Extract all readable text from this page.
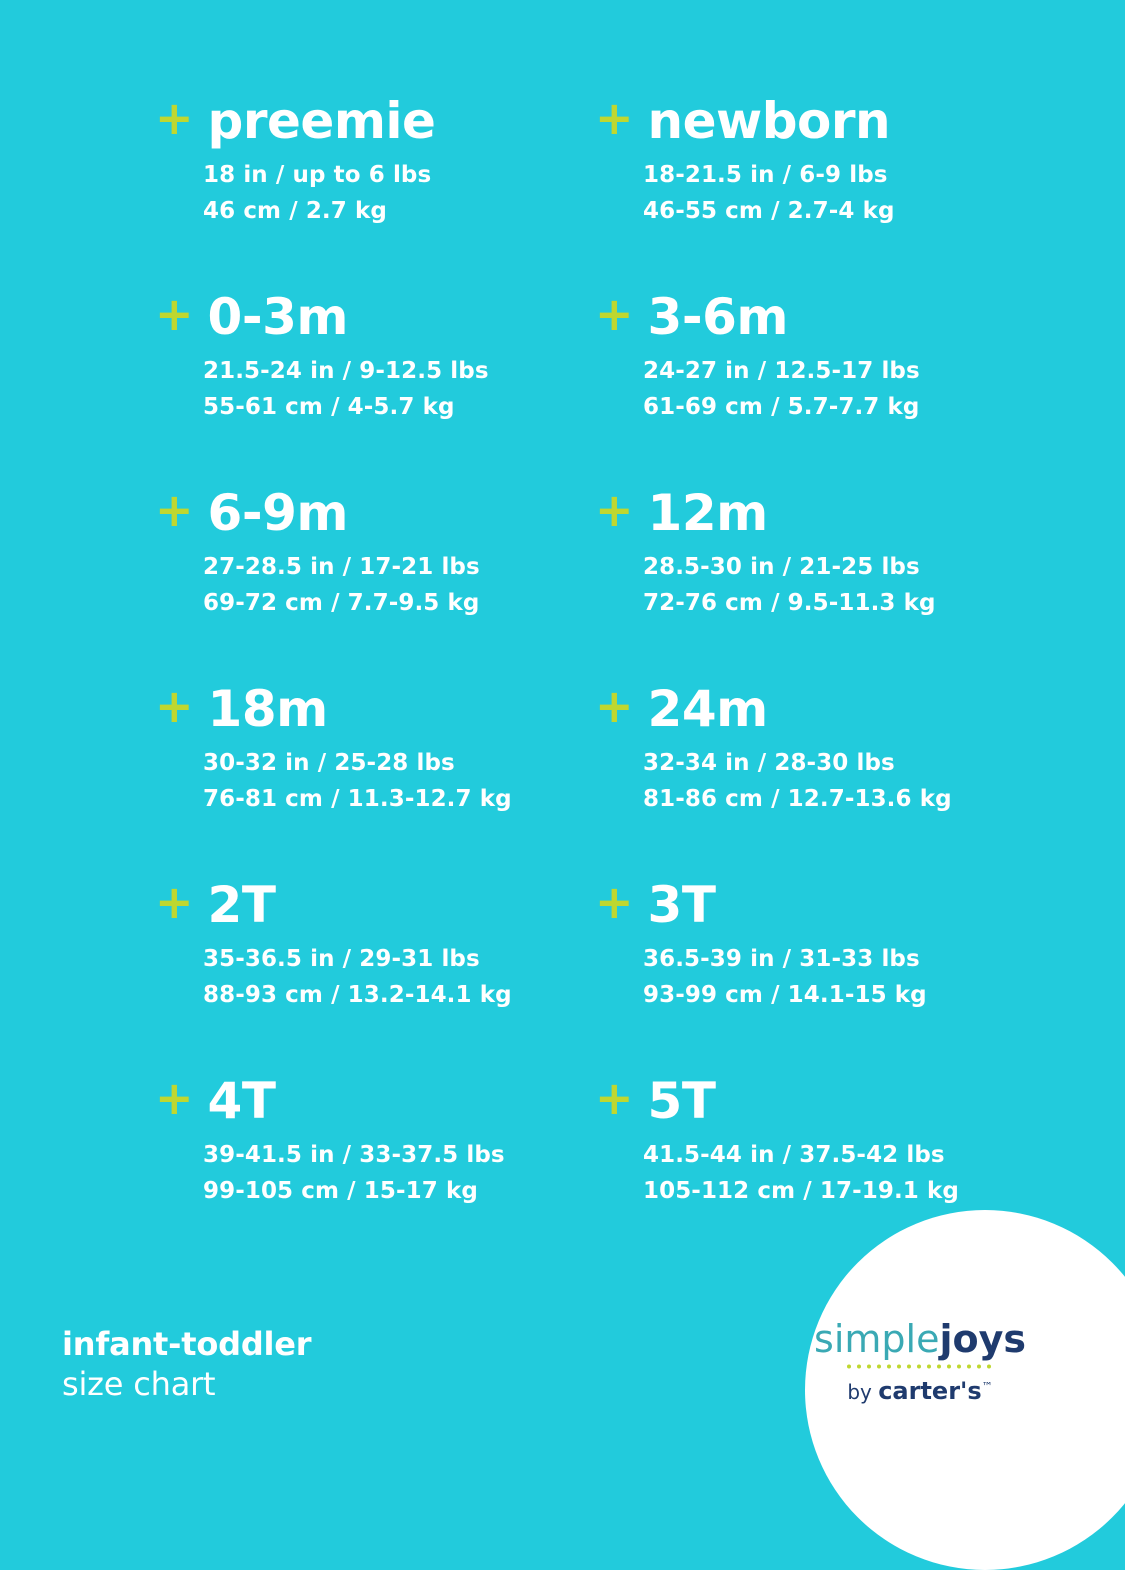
+ preemie
18 in / up to 6 lbs
46 cm / 2.7 kg
+ newborn
18-21.5 in / 6-9 lbs
46-55 cm / 2.7-4 kg
+ 0-3m
21.5-24 in / 9-12.5 lbs
55-61 cm / 4-5.7 kg
+ 3-6m
24-27 in / 12.5-17 lbs
61-69 cm / 5.7-7.7 kg
+ 6-9m
27-28.5 in / 17-21 lbs
69-72 cm / 7.7-9.5 kg
+ 12m
28.5-30 in / 21-25 lbs
72-76 cm / 9.5-11.3 kg
+ 18m
30-32 in / 25-28 lbs
76-81 cm / 11.3-12.7 kg
+ 24m
32-34 in / 28-30 lbs
81-86 cm / 12.7-13.6 kg
+ 2T
35-36.5 in / 29-31 lbs
88-93 cm / 13.2-14.1 kg
+ 3T
36.5-39 in / 31-33 lbs
93-99 cm / 14.1-15 kg
+ 4T
39-41.5 in / 33-37.5 lbs
99-105 cm / 15-17 kg
+ 5T
41.5-44 in / 37.5-42 lbs
105-112 cm / 17-19.1 kg
infant-toddler
size chart
simplejoys
by carter's™
